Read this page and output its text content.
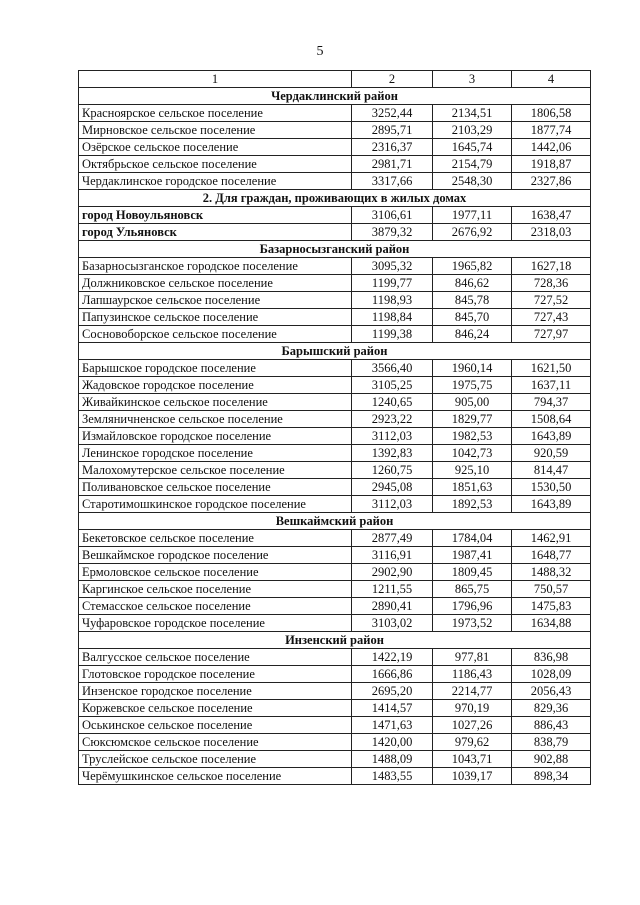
5
1	2	3	4
Чердаклинский район			
Красноярское сельское поселение	3252,44	2134,51	1806,58
Мирновское сельское поселение	2895,71	2103,29	1877,74
Озёрское сельское поселение	2316,37	1645,74	1442,06
Октябрьское сельское поселение	2981,71	2154,79	1918,87
Чердаклинское городское поселение	3317,66	2548,30	2327,86
2. Для граждан, проживающих в жилых домах			
город Новоульяновск	3106,61	1977,11	1638,47
город Ульяновск	3879,32	2676,92	2318,03
Базарносызганский район			
Базарносызганское городское поселение	3095,32	1965,82	1627,18
Должниковское сельское поселение	1199,77	846,62	728,36
Лапшаурское сельское поселение	1198,93	845,78	727,52
Папузинское сельское поселение	1198,84	845,70	727,43
Сосновоборское сельское поселение	1199,38	846,24	727,97
Барышский район			
Барышское городское поселение	3566,40	1960,14	1621,50
Жадовское городское поселение	3105,25	1975,75	1637,11
Живайкинское сельское поселение	1240,65	905,00	794,37
Земляничненское сельское поселение	2923,22	1829,77	1508,64
Измайловское городское поселение	3112,03	1982,53	1643,89
Ленинское городское поселение	1392,83	1042,73	920,59
Малохомутерское сельское поселение	1260,75	925,10	814,47
Поливановское сельское поселение	2945,08	1851,63	1530,50
Старотимошкинское городское поселение	3112,03	1892,53	1643,89
Вешкаймский район			
Бекетовское сельское поселение	2877,49	1784,04	1462,91
Вешкаймское городское поселение	3116,91	1987,41	1648,77
Ермоловское сельское поселение	2902,90	1809,45	1488,32
Каргинское сельское поселение	1211,55	865,75	750,57
Стемасское сельское поселение	2890,41	1796,96	1475,83
Чуфаровское городское поселение	3103,02	1973,52	1634,88
Инзенский район			
Валгусское сельское поселение	1422,19	977,81	836,98
Глотовское городское поселение	1666,86	1186,43	1028,09
Инзенское городское поселение	2695,20	2214,77	2056,43
Коржевское сельское поселение	1414,57	970,19	829,36
Оськинское сельское поселение	1471,63	1027,26	886,43
Сюксюмское сельское поселение	1420,00	979,62	838,79
Труслейское сельское поселение	1488,09	1043,71	902,88
Черёмушкинское сельское поселение	1483,55	1039,17	898,34
